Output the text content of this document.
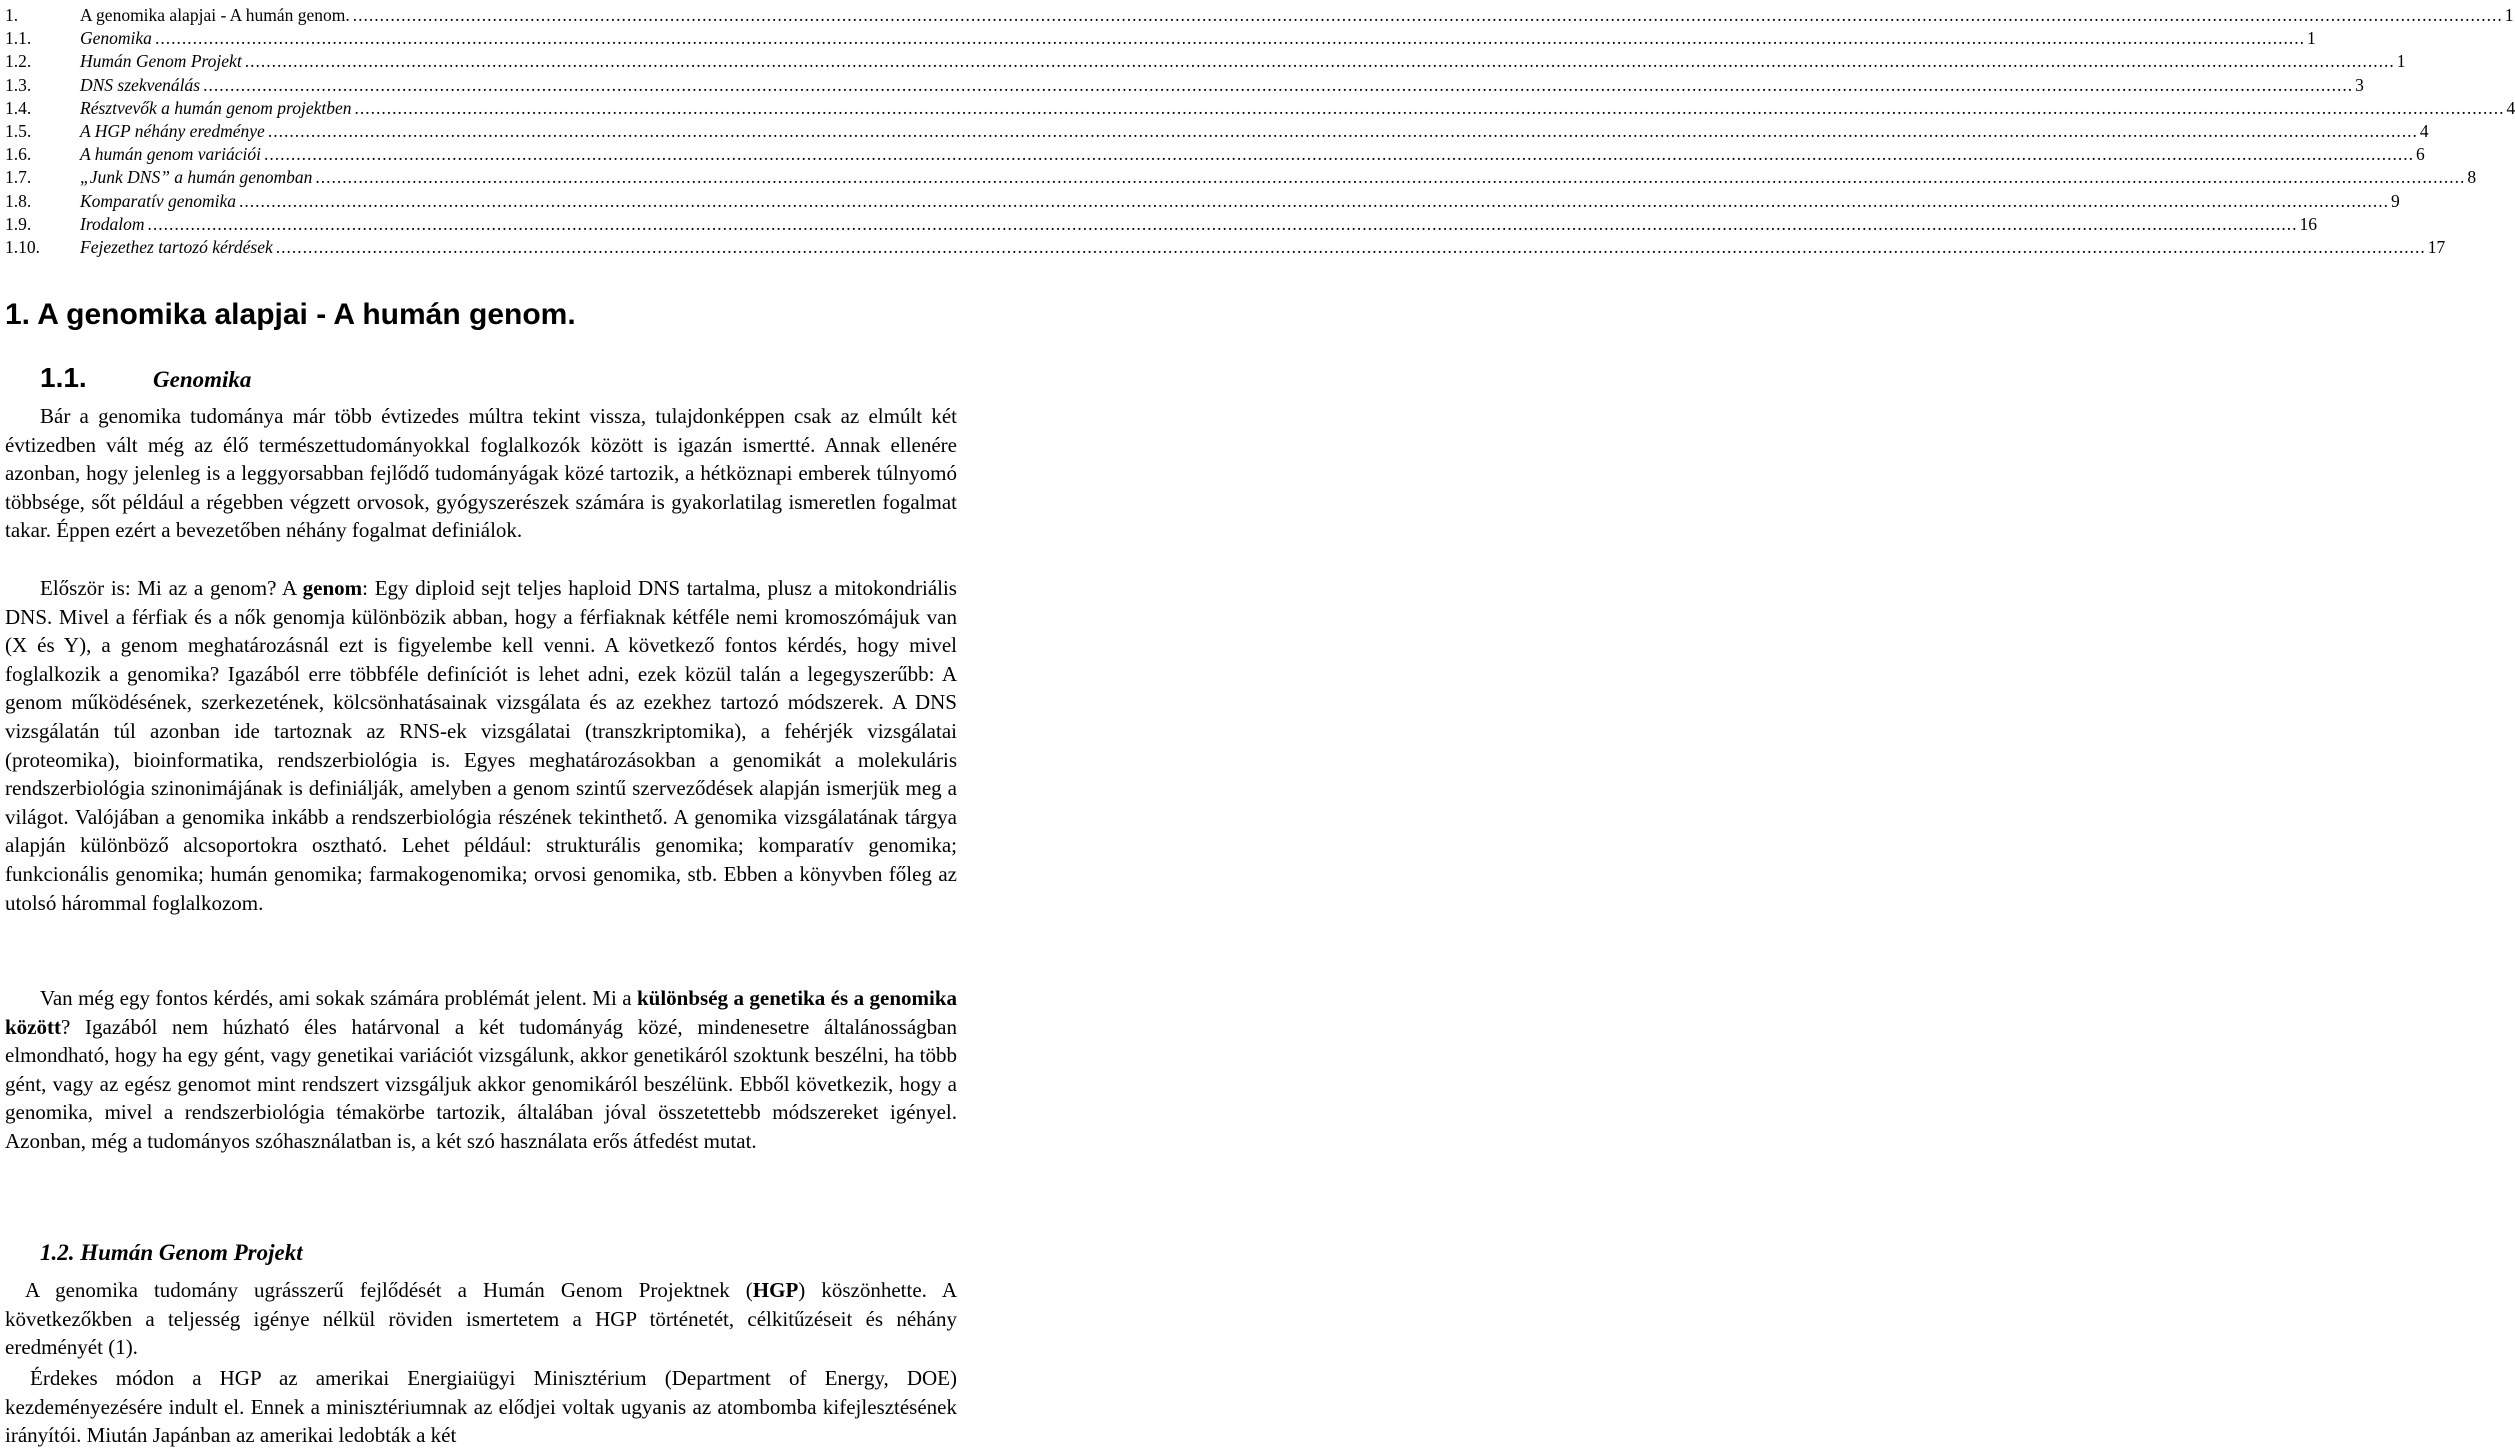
1.	A genomika alapjai - A humán genom. ................................................................................................................................................................................................................................................................................................................................................................................................................ 1
1.1.	Genomika ................................................................................................................................................................................................................................................................................................................................................................................................................ 1
1.2.	Humán Genom Projekt ................................................................................................................................................................................................................................................................................................................................................................................................................ 1
1.3.	DNS szekvenálás ................................................................................................................................................................................................................................................................................................................................................................................................................ 3
1.4.	Résztvevők a humán genom projektben ................................................................................................................................................................................................................................................................................................................................................................................................................ 4
1.5.	A HGP néhány eredménye ................................................................................................................................................................................................................................................................................................................................................................................................................ 4
1.6.	A humán genom variációi ................................................................................................................................................................................................................................................................................................................................................................................................................ 6
1.7.	„Junk DNS” a humán genomban ................................................................................................................................................................................................................................................................................................................................................................................................................ 8
1.8.	Komparatív genomika ................................................................................................................................................................................................................................................................................................................................................................................................................ 9
1.9.	Irodalom ................................................................................................................................................................................................................................................................................................................................................................................................................ 16
1.10.	Fejezethez tartozó kérdések ................................................................................................................................................................................................................................................................................................................................................................................................................ 17
1. A genomika alapjai - A humán genom.
1.1.	Genomika
Bár a genomika tudománya már több évtizedes múltra tekint vissza, tulajdonképpen csak az elmúlt két évtizedben vált még az élő természettudományokkal foglalkozók között is igazán ismertté. Annak ellenére azonban, hogy jelenleg is a leggyorsabban fejlődő tudományágak közé tartozik, a hétköznapi emberek túlnyomó többsége, sőt például a régebben végzett orvosok, gyógyszerészek számára is gyakorlatilag ismeretlen fogalmat takar. Éppen ezért a bevezetőben néhány fogalmat definiálok.
Először is: Mi az a genom? A genom: Egy diploid sejt teljes haploid DNS tartalma, plusz a mitokondriális DNS. Mivel a férfiak és a nők genomja különbözik abban, hogy a férfiaknak kétféle nemi kromoszómájuk van (X és Y), a genom meghatározásnál ezt is figyelembe kell venni. A következő fontos kérdés, hogy mivel foglalkozik a genomika? Igazából erre többféle definíciót is lehet adni, ezek közül talán a legegyszerűbb: A genom működésének, szerkezetének, kölcsönhatásainak vizsgálata és az ezekhez tartozó módszerek. A DNS vizsgálatán túl azonban ide tartoznak az RNS-ek vizsgálatai (transzkriptomika), a fehérjék vizsgálatai (proteomika), bioinformatika, rendszerbiológia is. Egyes meghatározásokban a genomikát a molekuláris rendszerbiológia szinonimájának is definiálják, amelyben a genom szintű szerveződések alapján ismerjük meg a világot. Valójában a genomika inkább a rendszerbiológia részének tekinthető. A genomika vizsgálatának tárgya alapján különböző alcsoportokra osztható. Lehet például: strukturális genomika; komparatív genomika; funkcionális genomika; humán genomika; farmakogenomika; orvosi genomika, stb. Ebben a könyvben főleg az utolsó hárommal foglalkozom.
Van még egy fontos kérdés, ami sokak számára problémát jelent. Mi a különbség a genetika és a genomika között? Igazából nem húzható éles határvonal a két tudományág közé, mindenesetre általánosságban elmondható, hogy ha egy gént, vagy genetikai variációt vizsgálunk, akkor genetikáról szoktunk beszélni, ha több gént, vagy az egész genomot mint rendszert vizsgáljuk akkor genomikáról beszélünk. Ebből következik, hogy a genomika, mivel a rendszerbiológia témakörbe tartozik, általában jóval összetettebb módszereket igényel. Azonban, még a tudományos szóhasználatban is, a két szó használata erős átfedést mutat.
1.2. Humán Genom Projekt
A genomika tudomány ugrásszerű fejlődését a Humán Genom Projektnek (HGP) köszönhette. A következőkben a teljesség igénye nélkül röviden ismertetem a HGP történetét, célkitűzéseit és néhány eredményét (1).
Érdekes módon a HGP az amerikai Energiaiügyi Minisztérium (Department of Energy, DOE) kezdeményezésére indult el. Ennek a minisztériumnak az elődjei voltak ugyanis az atombomba kifejlesztésének irányítói. Miután Japánban az amerikai ledobták a két
